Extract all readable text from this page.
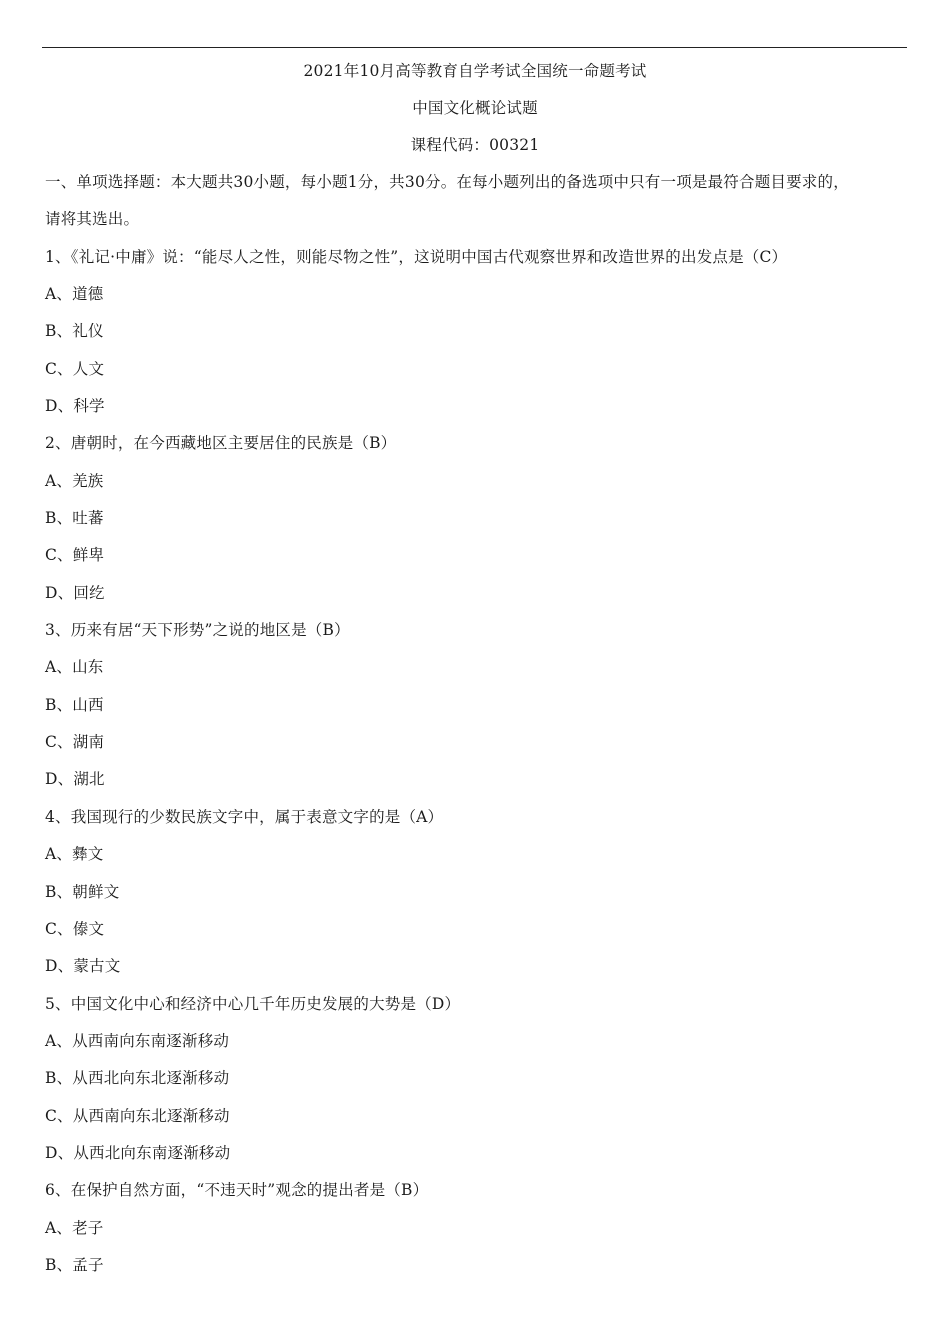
2021年10月高等教育自学考试全国统一命题考试
中国文化概论试题
课程代码：00321
一、单项选择题：本大题共30小题，每小题1分，共30分。在每小题列出的备选项中只有一项是最符合题目要求的，
请将其选出。
1、《礼记·中庸》说：“能尽人之性，则能尽物之性”，这说明中国古代观察世界和改造世界的出发点是（C）
A、道德
B、礼仪
C、人文
D、科学
2、唐朝时，在今西藏地区主要居住的民族是（B）
A、羌族
B、吐蕃
C、鲜卑
D、回纥
3、历来有居“天下形势”之说的地区是（B）
A、山东
B、山西
C、湖南
D、湖北
4、我国现行的少数民族文字中，属于表意文字的是（A）
A、彝文
B、朝鲜文
C、傣文
D、蒙古文
5、中国文化中心和经济中心几千年历史发展的大势是（D）
A、从西南向东南逐渐移动
B、从西北向东北逐渐移动
C、从西南向东北逐渐移动
D、从西北向东南逐渐移动
6、在保护自然方面，“不违天时”观念的提出者是（B）
A、老子
B、孟子
